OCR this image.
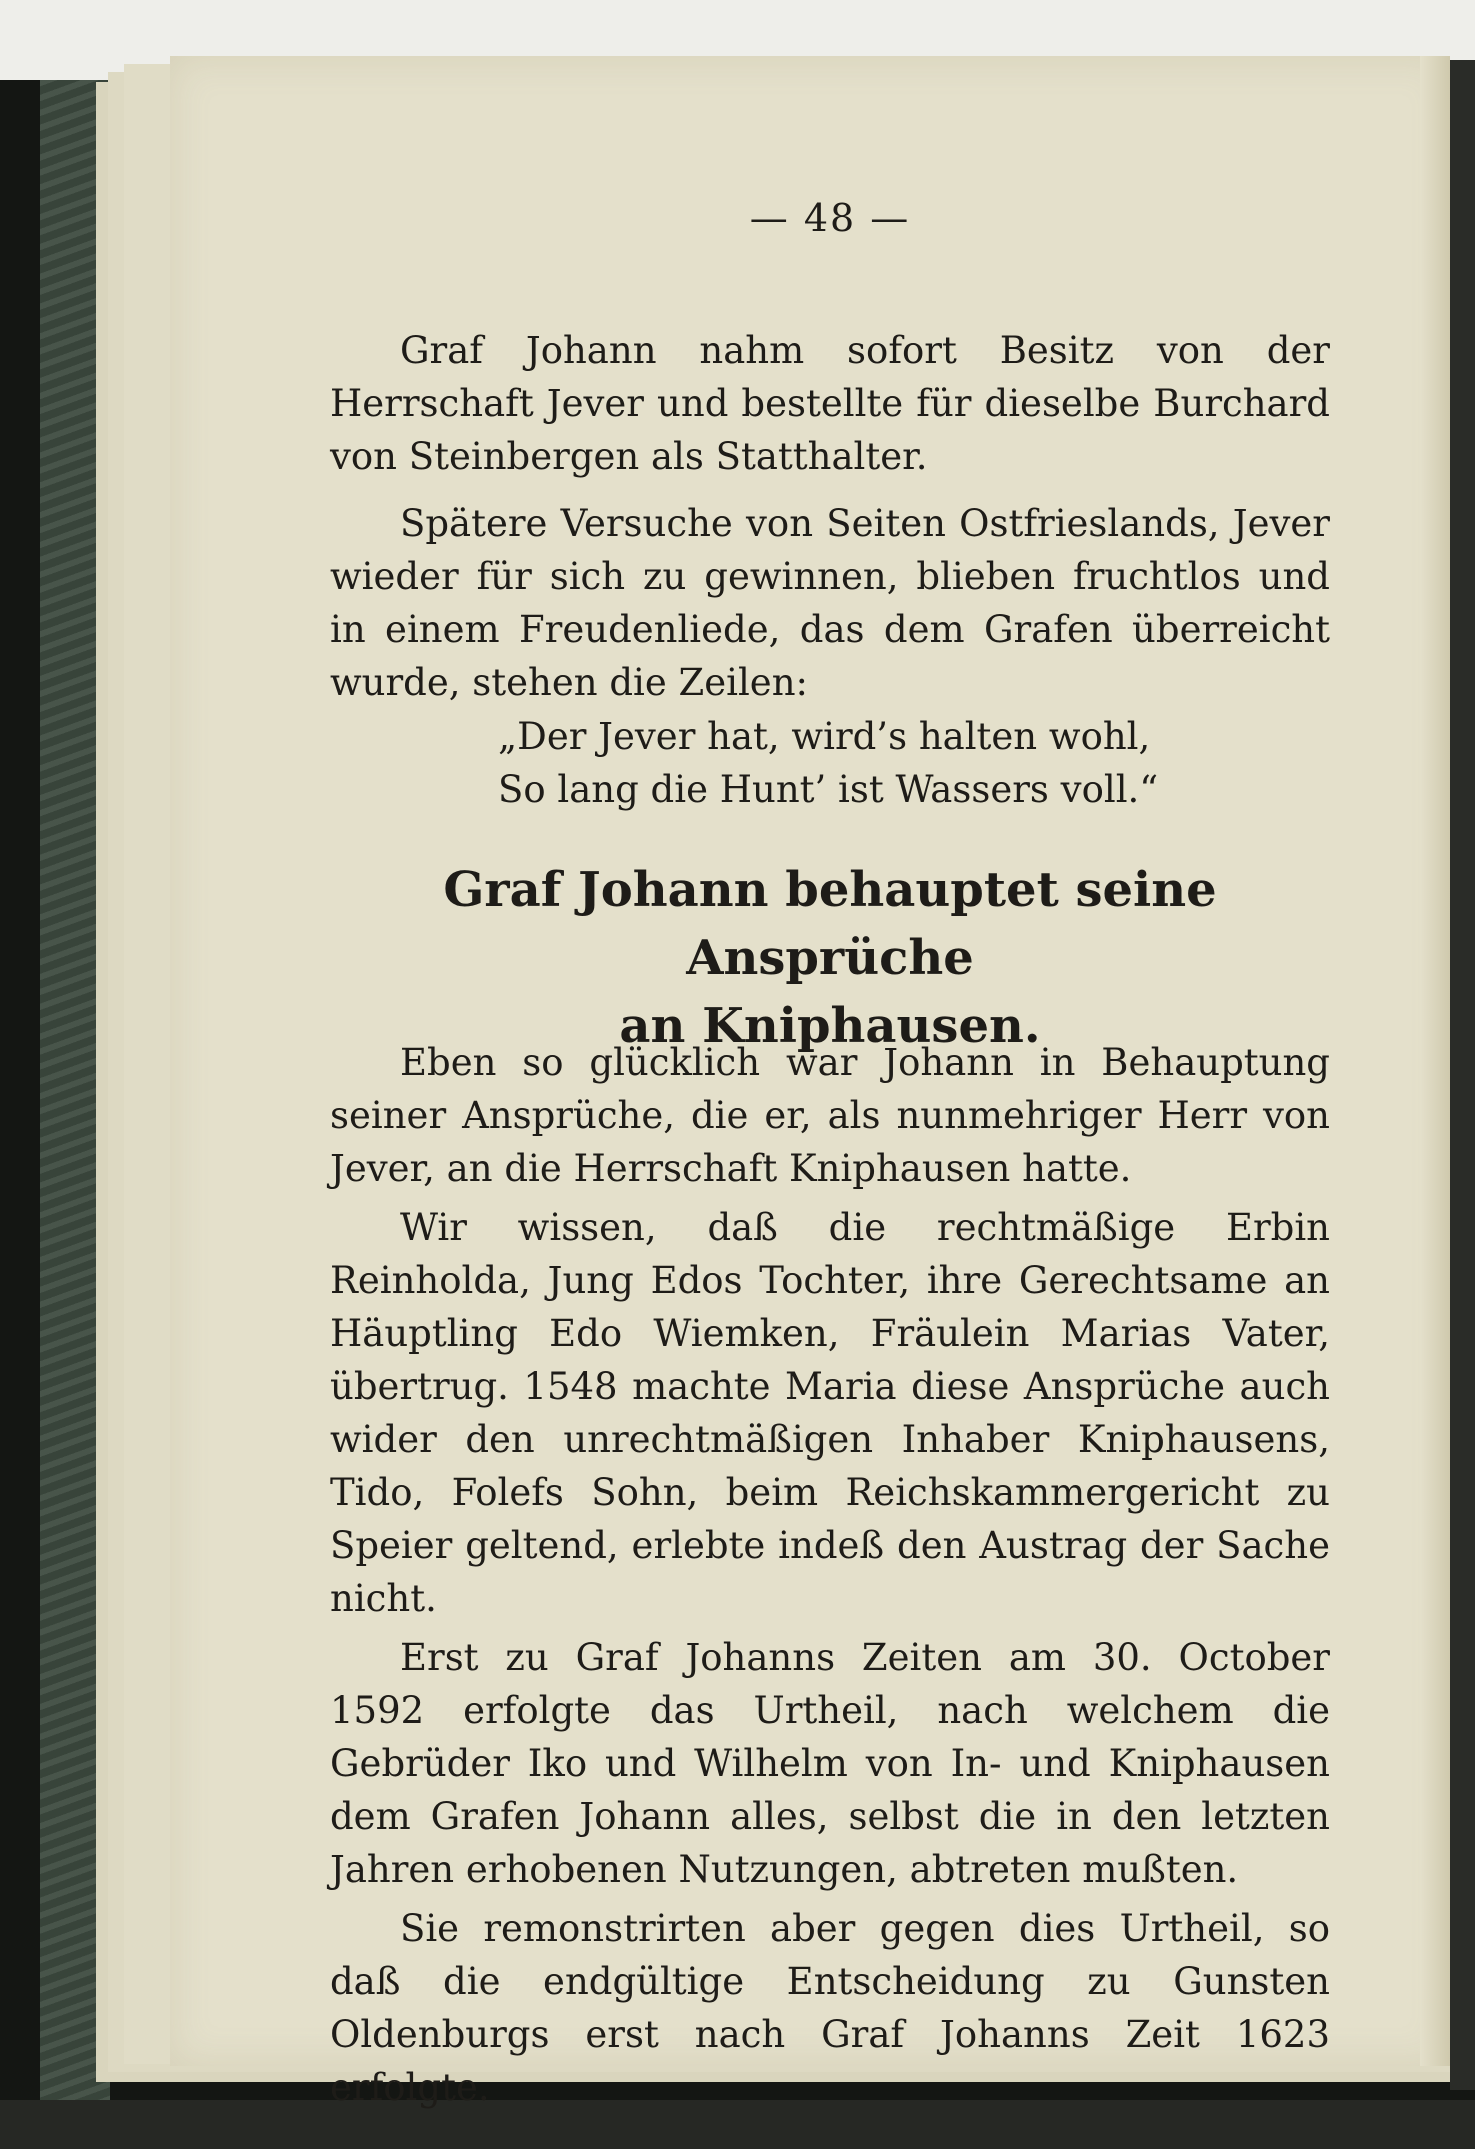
— 48 —

Graf Johann nahm sofort Besitz von der Herrschaft Jever und bestellte für dieselbe Burchard von Steinbergen als Statthalter.

Spätere Versuche von Seiten Ostfrieslands, Jever wieder für sich zu gewinnen, blieben fruchtlos und in einem Freudenliede, das dem Grafen überreicht wurde, stehen die Zeilen:

„Der Jever hat, wird’s halten wohl,
So lang die Hunt’ ist Wassers voll.“
Graf Johann behauptet seine Ansprüche
an Kniphausen.

Eben so glücklich war Johann in Behauptung seiner Ansprüche, die er, als nunmehriger Herr von Jever, an die Herrschaft Kniphausen hatte.

Wir wissen, daß die rechtmäßige Erbin Reinholda, Jung Edos Tochter, ihre Gerechtsame an Häuptling Edo Wiemken, Fräulein Marias Vater, übertrug. 1548 machte Maria diese Ansprüche auch wider den unrechtmäßigen Inhaber Kniphausens, Tido, Folefs Sohn, beim Reichskammergericht zu Speier geltend, erlebte indeß den Austrag der Sache nicht.

Erst zu Graf Johanns Zeiten am 30. October 1592 erfolgte das Urtheil, nach welchem die Gebrüder Iko und Wilhelm von In- und Kniphausen dem Grafen Johann alles, selbst die in den letzten Jahren erhobenen Nutzungen, abtreten mußten.

Sie remonstrirten aber gegen dies Urtheil, so daß die endgültige Entscheidung zu Gunsten Oldenburgs erst nach Graf Johanns Zeit 1623 erfolgte.
